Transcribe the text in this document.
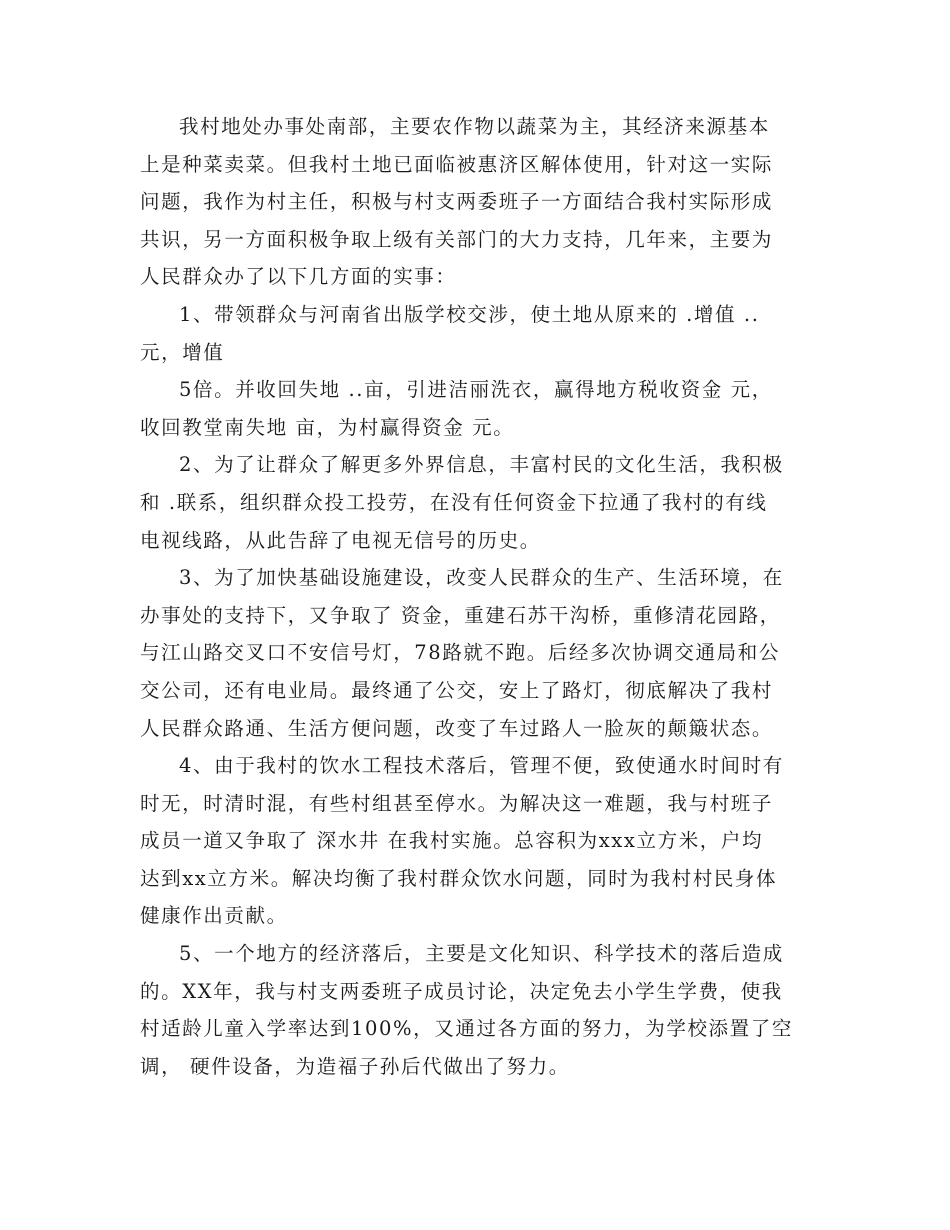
我村地处办事处南部，主要农作物以蔬菜为主，其经济来源基本
上是种菜卖菜。但我村土地已面临被惠济区解体使用，针对这一实际
问题，我作为村主任，积极与村支两委班子一方面结合我村实际形成
共识，另一方面积极争取上级有关部门的大力支持，几年来，主要为
人民群众办了以下几方面的实事：
1、带领群众与河南省出版学校交涉，使土地从原来的 .增值 ..
元，增值
5倍。并收回失地 ..亩，引进洁丽洗衣，赢得地方税收资金 元，
收回教堂南失地 亩，为村赢得资金 元。
2、为了让群众了解更多外界信息，丰富村民的文化生活，我积极
和 .联系，组织群众投工投劳，在没有任何资金下拉通了我村的有线
电视线路，从此告辞了电视无信号的历史。
3、为了加快基础设施建设，改变人民群众的生产、生活环境，在
办事处的支持下，又争取了 资金，重建石苏干沟桥，重修清花园路，
与江山路交叉口不安信号灯，78路就不跑。后经多次协调交通局和公
交公司，还有电业局。最终通了公交，安上了路灯，彻底解决了我村
人民群众路通、生活方便问题，改变了车过路人一脸灰的颠簸状态。
4、由于我村的饮水工程技术落后，管理不便，致使通水时间时有
时无，时清时混，有些村组甚至停水。为解决这一难题，我与村班子
成员一道又争取了 深水井 在我村实施。总容积为xxx立方米，户均
达到xx立方米。解决均衡了我村群众饮水问题，同时为我村村民身体
健康作出贡献。
5、一个地方的经济落后，主要是文化知识、科学技术的落后造成
的。XX年，我与村支两委班子成员讨论，决定免去小学生学费，使我
村适龄儿童入学率达到100%，又通过各方面的努力，为学校添置了空
调， 硬件设备，为造福子孙后代做出了努力。
